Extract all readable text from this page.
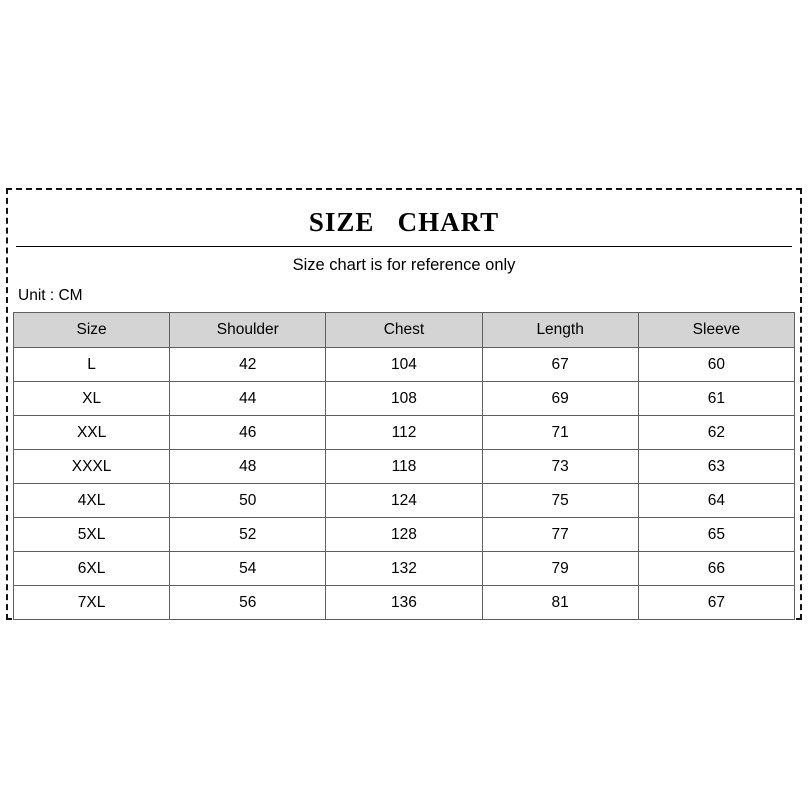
SIZE   CHART
Size chart is for reference only
Unit : CM
Size	Shoulder	Chest	Length	Sleeve
L	42	104	67	60
XL	44	108	69	61
XXL	46	112	71	62
XXXL	48	118	73	63
4XL	50	124	75	64
5XL	52	128	77	65
6XL	54	132	79	66
7XL	56	136	81	67
